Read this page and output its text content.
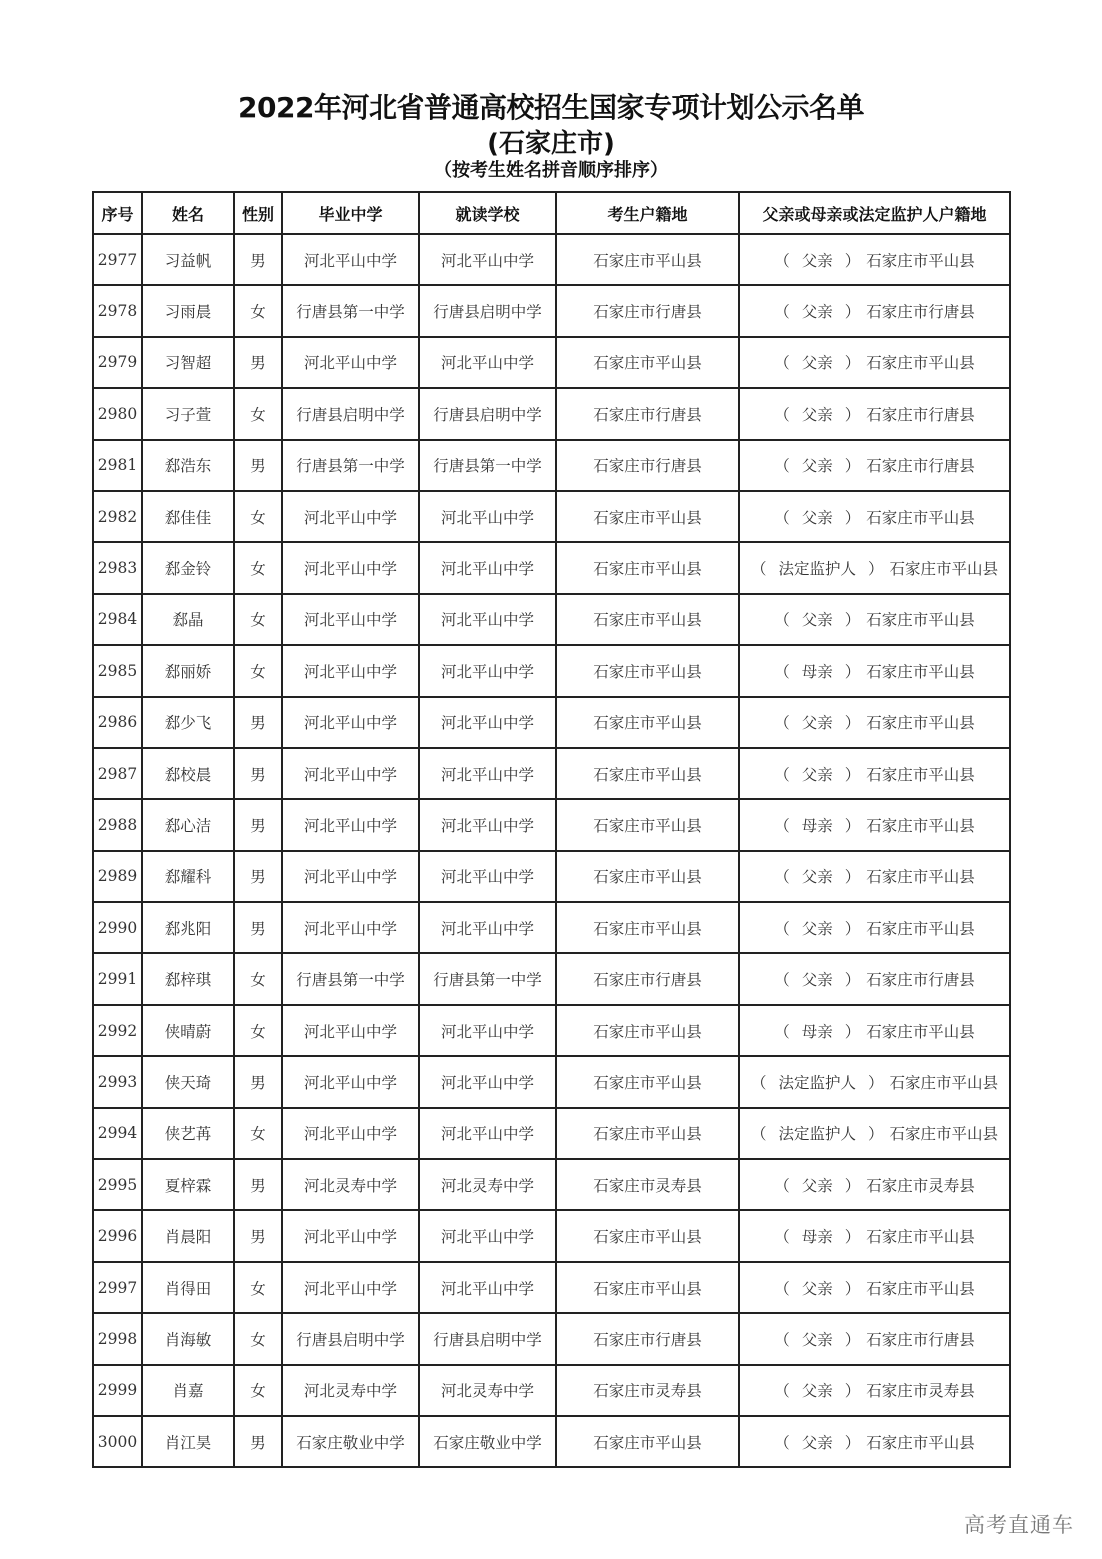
2022年河北省普通高校招生国家专项计划公示名单
(石家庄市)
（按考生姓名拼音顺序排序）
序号	姓名	性别	毕业中学	就读学校	考生户籍地	父亲或母亲或法定监护人户籍地
2977	习益帆	男	河北平山中学	河北平山中学	石家庄市平山县	（ 父亲 ） 石家庄市平山县
2978	习雨晨	女	行唐县第一中学	行唐县启明中学	石家庄市行唐县	（ 父亲 ） 石家庄市行唐县
2979	习智超	男	河北平山中学	河北平山中学	石家庄市平山县	（ 父亲 ） 石家庄市平山县
2980	习子萱	女	行唐县启明中学	行唐县启明中学	石家庄市行唐县	（ 父亲 ） 石家庄市行唐县
2981	郄浩东	男	行唐县第一中学	行唐县第一中学	石家庄市行唐县	（ 父亲 ） 石家庄市行唐县
2982	郄佳佳	女	河北平山中学	河北平山中学	石家庄市平山县	（ 父亲 ） 石家庄市平山县
2983	郄金铃	女	河北平山中学	河北平山中学	石家庄市平山县	（ 法定监护人 ） 石家庄市平山县
2984	郄晶	女	河北平山中学	河北平山中学	石家庄市平山县	（ 父亲 ） 石家庄市平山县
2985	郄丽娇	女	河北平山中学	河北平山中学	石家庄市平山县	（ 母亲 ） 石家庄市平山县
2986	郄少飞	男	河北平山中学	河北平山中学	石家庄市平山县	（ 父亲 ） 石家庄市平山县
2987	郄校晨	男	河北平山中学	河北平山中学	石家庄市平山县	（ 父亲 ） 石家庄市平山县
2988	郄心洁	男	河北平山中学	河北平山中学	石家庄市平山县	（ 母亲 ） 石家庄市平山县
2989	郄耀科	男	河北平山中学	河北平山中学	石家庄市平山县	（ 父亲 ） 石家庄市平山县
2990	郄兆阳	男	河北平山中学	河北平山中学	石家庄市平山县	（ 父亲 ） 石家庄市平山县
2991	郄梓琪	女	行唐县第一中学	行唐县第一中学	石家庄市行唐县	（ 父亲 ） 石家庄市行唐县
2992	侠晴蔚	女	河北平山中学	河北平山中学	石家庄市平山县	（ 母亲 ） 石家庄市平山县
2993	侠天琦	男	河北平山中学	河北平山中学	石家庄市平山县	（ 法定监护人 ） 石家庄市平山县
2994	侠艺苒	女	河北平山中学	河北平山中学	石家庄市平山县	（ 法定监护人 ） 石家庄市平山县
2995	夏梓霖	男	河北灵寿中学	河北灵寿中学	石家庄市灵寿县	（ 父亲 ） 石家庄市灵寿县
2996	肖晨阳	男	河北平山中学	河北平山中学	石家庄市平山县	（ 母亲 ） 石家庄市平山县
2997	肖得田	女	河北平山中学	河北平山中学	石家庄市平山县	（ 父亲 ） 石家庄市平山县
2998	肖海敏	女	行唐县启明中学	行唐县启明中学	石家庄市行唐县	（ 父亲 ） 石家庄市行唐县
2999	肖嘉	女	河北灵寿中学	河北灵寿中学	石家庄市灵寿县	（ 父亲 ） 石家庄市灵寿县
3000	肖江昊	男	石家庄敬业中学	石家庄敬业中学	石家庄市平山县	（ 父亲 ） 石家庄市平山县
高考直通车
